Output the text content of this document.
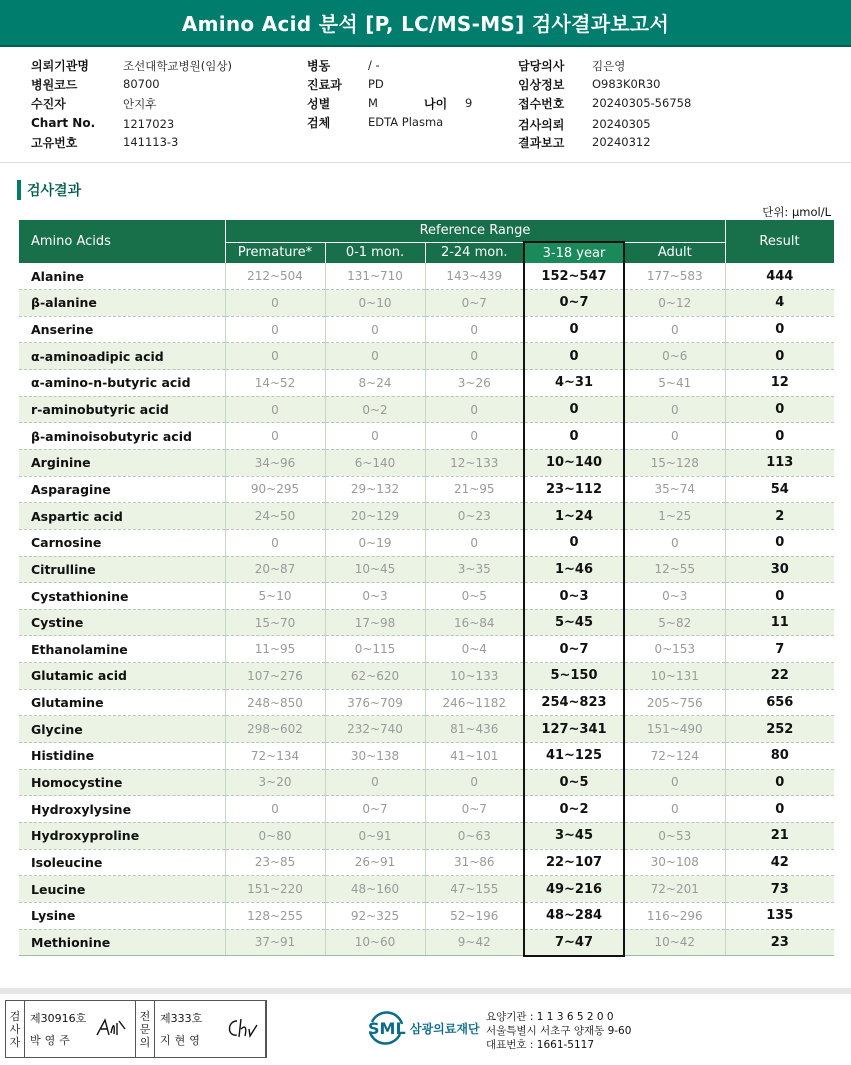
Amino Acid 분석 [P, LC/MS-MS] 검사결과보고서
의뢰기관명	조선대학교병원(임상)
병원코드	80700
수진자	안지후
Chart No. 1217023
고유번호	141113-3
병동	/ -
진료과 PD
성별	M
검체	EDTA Plasma
나이 9
담당의사 김은영
임상정보 O983K0R30
접수번호 20240305-56758
검사의뢰 20240305
결과보고 20240312
검사결과
단위: μmol/L
Amino Acids	Reference Range					Result
	Premature*	0-1 mon.	2-24 mon.	3-18 year	Adult	
Alanine	212~504	131~710	143~439	152~547	177~583	444
β-alanine	0	0~10	0~7	0~7	0~12	4
Anserine	0	0	0	0	0	0
α-aminoadipic acid	0	0	0	0	0~6	0
α-amino-n-butyric acid	14~52	8~24	3~26	4~31	5~41	12
r-aminobutyric acid	0	0~2	0	0	0	0
β-aminoisobutyric acid	0	0	0	0	0	0
Arginine	34~96	6~140	12~133	10~140	15~128	113
Asparagine	90~295	29~132	21~95	23~112	35~74	54
Aspartic acid	24~50	20~129	0~23	1~24	1~25	2
Carnosine	0	0~19	0	0	0	0
Citrulline	20~87	10~45	3~35	1~46	12~55	30
Cystathionine	5~10	0~3	0~5	0~3	0~3	0
Cystine	15~70	17~98	16~84	5~45	5~82	11
Ethanolamine	11~95	0~115	0~4	0~7	0~153	7
Glutamic acid	107~276	62~620	10~133	5~150	10~131	22
Glutamine	248~850	376~709	246~1182	254~823	205~756	656
Glycine	298~602	232~740	81~436	127~341	151~490	252
Histidine	72~134	30~138	41~101	41~125	72~124	80
Homocystine	3~20	0	0	0~5	0	0
Hydroxylysine	0	0~7	0~7	0~2	0	0
Hydroxyproline	0~80	0~91	0~63	3~45	0~53	21
Isoleucine	23~85	26~91	31~86	22~107	30~108	42
Leucine	151~220	48~160	47~155	49~216	72~201	73
Lysine	128~255	92~325	52~196	48~284	116~296	135
Methionine	37~91	10~60	9~42	7~47	10~42	23
검
사
자
제30916호
박영주
전
문
의
제333호
지현영
SML 삼광의료재단
요양기관 : 1 1 3 6 5 2 0 0
서울특별시 서초구 양재동 9-60
대표번호 : 1661-5117
